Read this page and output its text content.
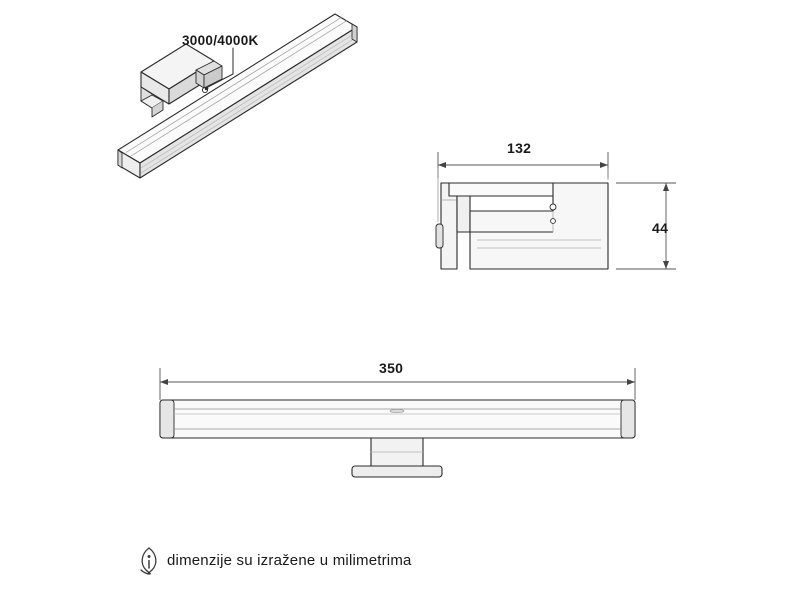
3000/4000K
132
44
350
dimenzije su izražene u milimetrima
